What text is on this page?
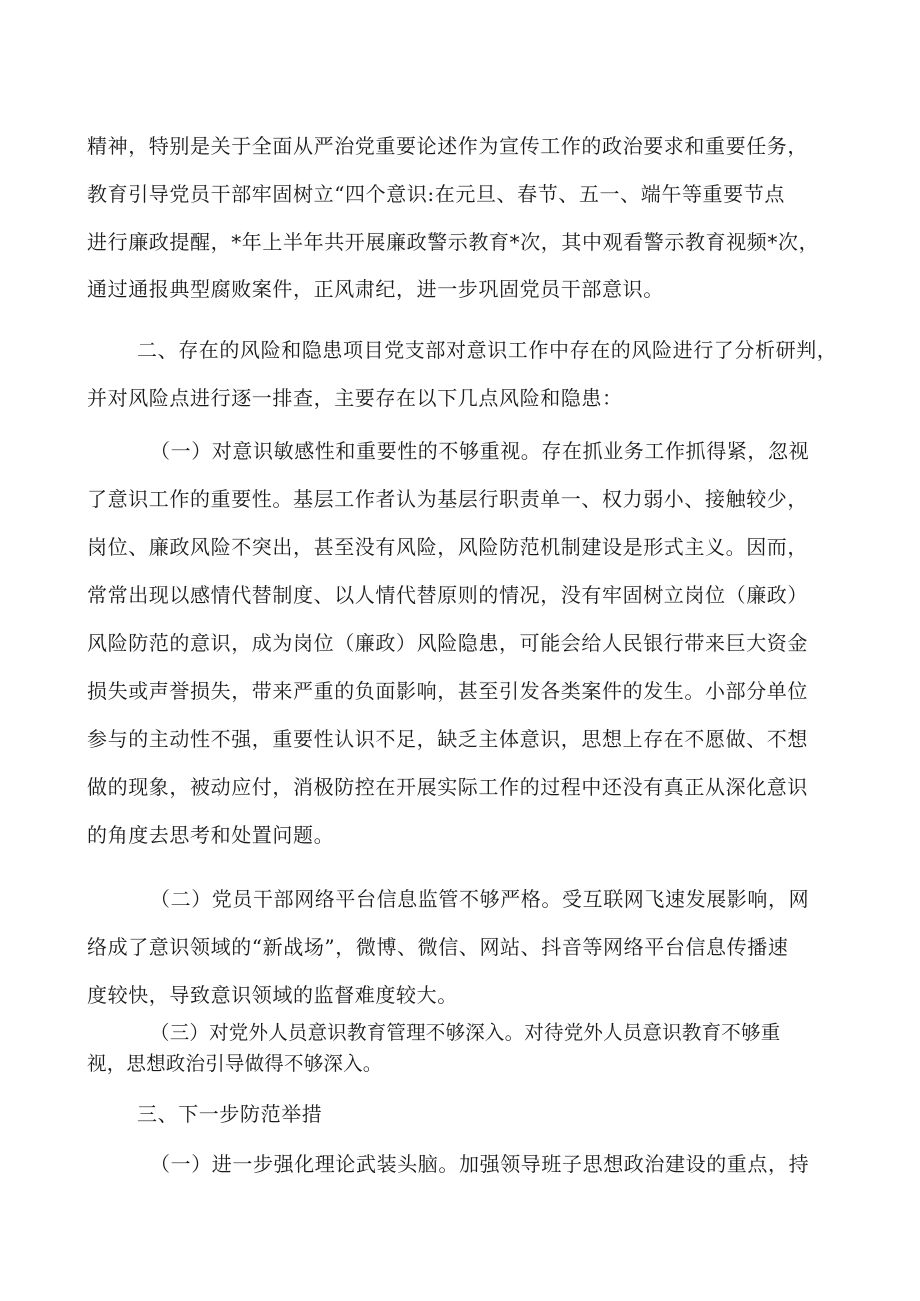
精神，特别是关于全面从严治党重要论述作为宣传工作的政治要求和重要任务，
教育引导党员干部牢固树立“四个意识:在元旦、春节、五一、端午等重要节点
进行廉政提醒，*年上半年共开展廉政警示教育*次，其中观看警示教育视频*次，
通过通报典型腐败案件，正风肃纪，进一步巩固党员干部意识。
二、存在的风险和隐患项目党支部对意识工作中存在的风险进行了分析研判，
并对风险点进行逐一排查，主要存在以下几点风险和隐患：
（一）对意识敏感性和重要性的不够重视。存在抓业务工作抓得紧，忽视
了意识工作的重要性。基层工作者认为基层行职责单一、权力弱小、接触较少，
岗位、廉政风险不突出，甚至没有风险，风险防范机制建设是形式主义。因而，
常常出现以感情代替制度、以人情代替原则的情况，没有牢固树立岗位（廉政）
风险防范的意识，成为岗位（廉政）风险隐患，可能会给人民银行带来巨大资金
损失或声誉损失，带来严重的负面影响，甚至引发各类案件的发生。小部分单位
参与的主动性不强，重要性认识不足，缺乏主体意识，思想上存在不愿做、不想
做的现象，被动应付，消极防控在开展实际工作的过程中还没有真正从深化意识
的角度去思考和处置问题。
（二）党员干部网络平台信息监管不够严格。受互联网飞速发展影响，网
络成了意识领域的“新战场”，微博、微信、网站、抖音等网络平台信息传播速
度较快，导致意识领域的监督难度较大。
（三）对党外人员意识教育管理不够深入。对待党外人员意识教育不够重
视，思想政治引导做得不够深入。
三、下一步防范举措
（一）进一步强化理论武装头脑。加强领导班子思想政治建设的重点，持
